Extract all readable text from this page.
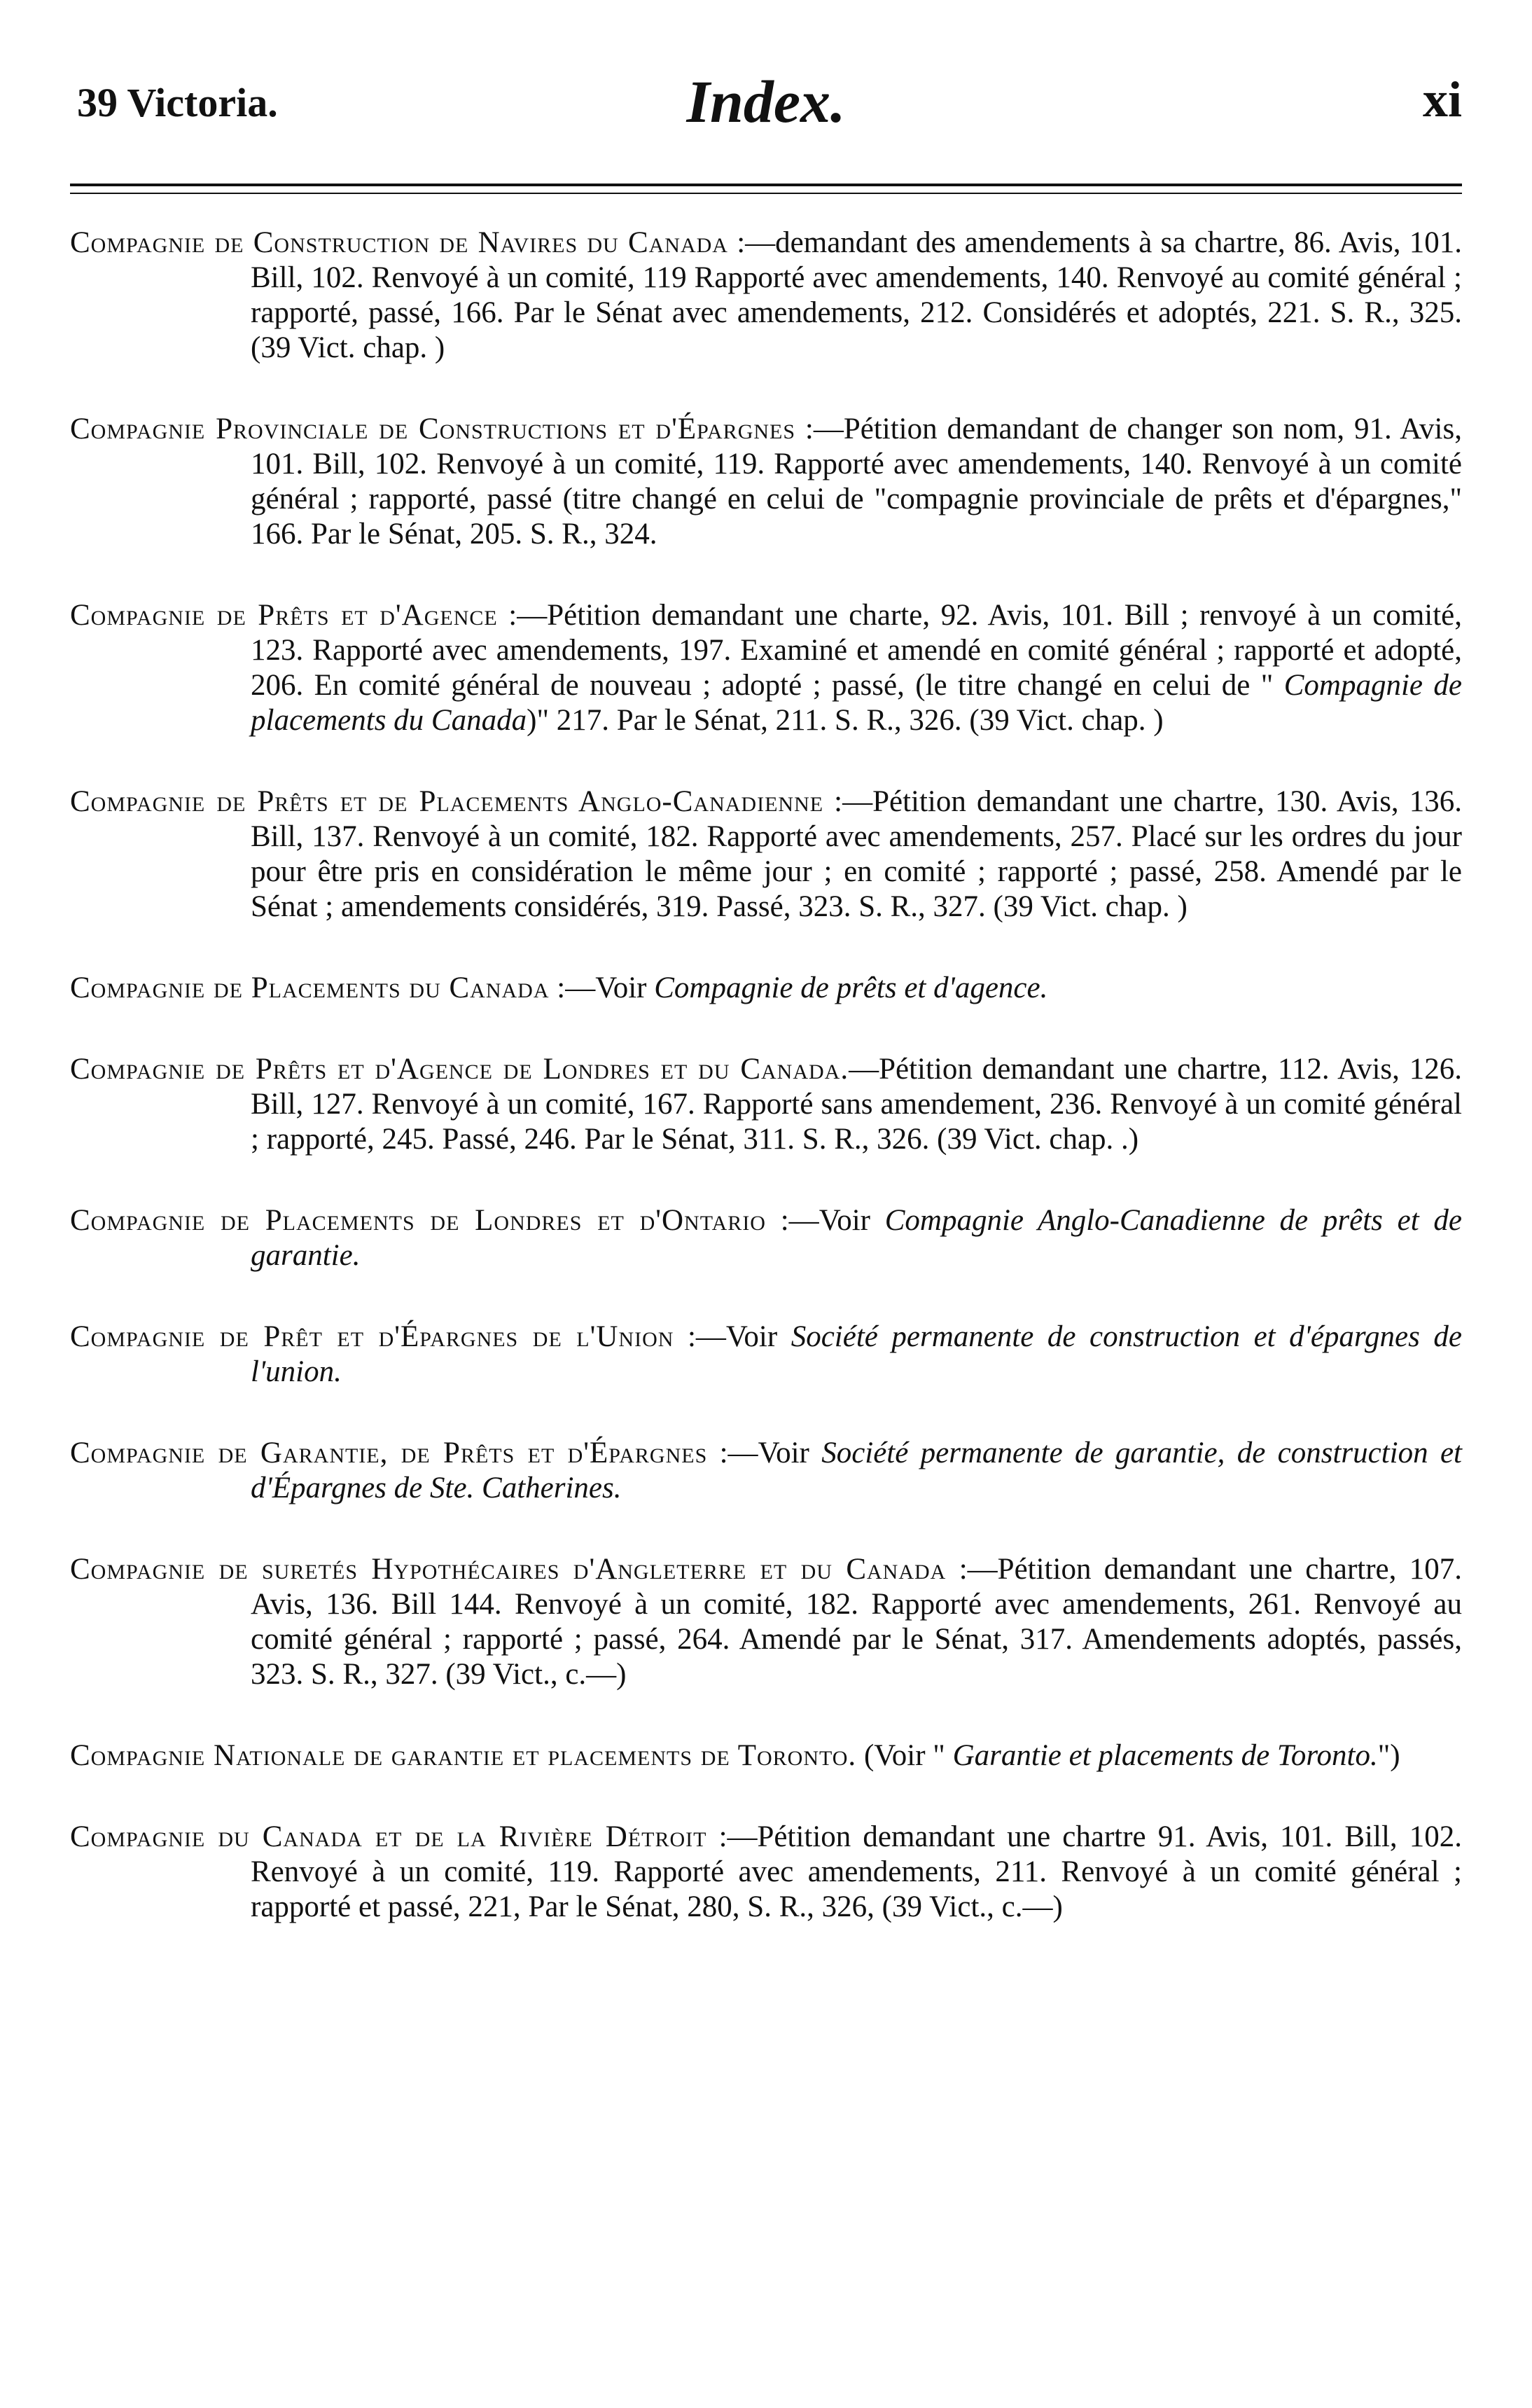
39 Victoria.	Index.	xi

Compagnie de Construction de Navires du Canada :—demandant des amendements à sa chartre, 86. Avis, 101. Bill, 102. Renvoyé à un comité, 119 Rapporté avec amendements, 140. Renvoyé au comité général ; rapporté, passé, 166. Par le Sénat avec amendements, 212. Considérés et adoptés, 221. S. R., 325. (39 Vict. chap. )

Compagnie Provinciale de Constructions et d'Épargnes :—Pétition demandant de changer son nom, 91. Avis, 101. Bill, 102. Renvoyé à un comité, 119. Rapporté avec amendements, 140. Renvoyé à un comité général ; rapporté, passé (titre changé en celui de "compagnie provinciale de prêts et d'épargnes," 166. Par le Sénat, 205. S. R., 324.

Compagnie de Prêts et d'Agence :—Pétition demandant une charte, 92. Avis, 101. Bill ; renvoyé à un comité, 123. Rapporté avec amendements, 197. Examiné et amendé en comité général ; rapporté et adopté, 206. En comité général de nouveau ; adopté ; passé, (le titre changé en celui de " Compagnie de placements du Canada)" 217. Par le Sénat, 211. S. R., 326. (39 Vict. chap. )

Compagnie de Prêts et de Placements Anglo-Canadienne :—Pétition demandant une chartre, 130. Avis, 136. Bill, 137. Renvoyé à un comité, 182. Rapporté avec amendements, 257. Placé sur les ordres du jour pour être pris en considération le même jour ; en comité ; rapporté ; passé, 258. Amendé par le Sénat ; amendements considérés, 319. Passé, 323. S. R., 327. (39 Vict. chap. )

Compagnie de Placements du Canada :—Voir Compagnie de prêts et d'agence.

Compagnie de Prêts et d'Agence de Londres et du Canada.—Pétition demandant une chartre, 112. Avis, 126. Bill, 127. Renvoyé à un comité, 167. Rapporté sans amendement, 236. Renvoyé à un comité général ; rapporté, 245. Passé, 246. Par le Sénat, 311. S. R., 326. (39 Vict. chap. .)

Compagnie de Placements de Londres et d'Ontario :—Voir Compagnie Anglo-Canadienne de prêts et de garantie.

Compagnie de Prêt et d'Épargnes de l'Union :—Voir Société permanente de construction et d'épargnes de l'union.

Compagnie de Garantie, de Prêts et d'Épargnes :—Voir Société permanente de garantie, de construction et d'Épargnes de Ste. Catherines.

Compagnie de suretés Hypothécaires d'Angleterre et du Canada :—Pétition demandant une chartre, 107. Avis, 136. Bill 144. Renvoyé à un comité, 182. Rapporté avec amendements, 261. Renvoyé au comité général ; rapporté ; passé, 264. Amendé par le Sénat, 317. Amendements adoptés, passés, 323. S. R., 327. (39 Vict., c.—)

Compagnie Nationale de garantie et placements de Toronto. (Voir " Garantie et placements de Toronto.")

Compagnie du Canada et de la Rivière Détroit :—Pétition demandant une chartre 91. Avis, 101. Bill, 102. Renvoyé à un comité, 119. Rapporté avec amendements, 211. Renvoyé à un comité général ; rapporté et passé, 221, Par le Sénat, 280, S. R., 326, (39 Vict., c.—)
